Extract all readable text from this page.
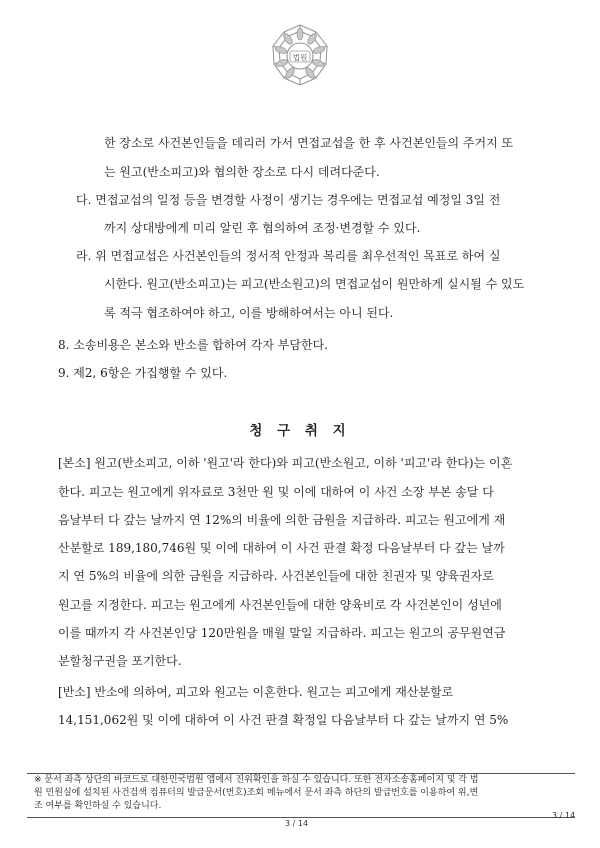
법원
한 장소로 사건본인들을 데리러 가서 면접교섭을 한 후 사건본인들의 주거지 또
는 원고(반소피고)와 협의한 장소로 다시 데려다준다.
다. 면접교섭의 일정 등을 변경할 사정이 생기는 경우에는 면접교섭 예정일 3일 전
까지 상대방에게 미리 알린 후 협의하여 조정·변경할 수 있다.
라. 위 면접교섭은 사건본인들의 정서적 안정과 복리를 최우선적인 목표로 하여 실
시한다. 원고(반소피고)는 피고(반소원고)의 면접교섭이 원만하게 실시될 수 있도
록 적극 협조하여야 하고, 이를 방해하여서는 아니 된다.
8. 소송비용은 본소와 반소를 합하여 각자 부담한다.
9. 제2, 6항은 가집행할 수 있다.
청 구 취 지
[본소] 원고(반소피고, 이하 '원고'라 한다)와 피고(반소원고, 이하 '피고'라 한다)는 이혼
한다. 피고는 원고에게 위자료로 3천만 원 및 이에 대하여 이 사건 소장 부본 송달 다
음날부터 다 갚는 날까지 연 12%의 비율에 의한 금원을 지급하라. 피고는 원고에게 재
산분할로 189,180,746원 및 이에 대하여 이 사건 판결 확정 다음날부터 다 갚는 날까
지 연 5%의 비율에 의한 금원을 지급하라. 사건본인들에 대한 친권자 및 양육권자로
원고를 지정한다. 피고는 원고에게 사건본인들에 대한 양육비로 각 사건본인이 성년에
이를 때까지 각 사건본인당 120만원을 매월 말일 지급하라. 피고는 원고의 공무원연금
분할청구권을 포기한다.
[반소] 반소에 의하여, 피고와 원고는 이혼한다. 원고는 피고에게 재산분할로
14,151,062원 및 이에 대하여 이 사건 판결 확정일 다음날부터 다 갚는 날까지 연 5%
※ 문서 좌측 상단의 바코드로 대한민국법원 앱에서 진위확인을 하실 수 있습니다. 또한 전자소송홈페이지 및 각 법
원 민원실에 설치된 사건검색 컴퓨터의 발급문서(번호)조회 메뉴에서 문서 좌측 하단의 발급번호를 이용하여 위,변
조 여부를 확인하실 수 있습니다.
3 / 14
3 / 14
